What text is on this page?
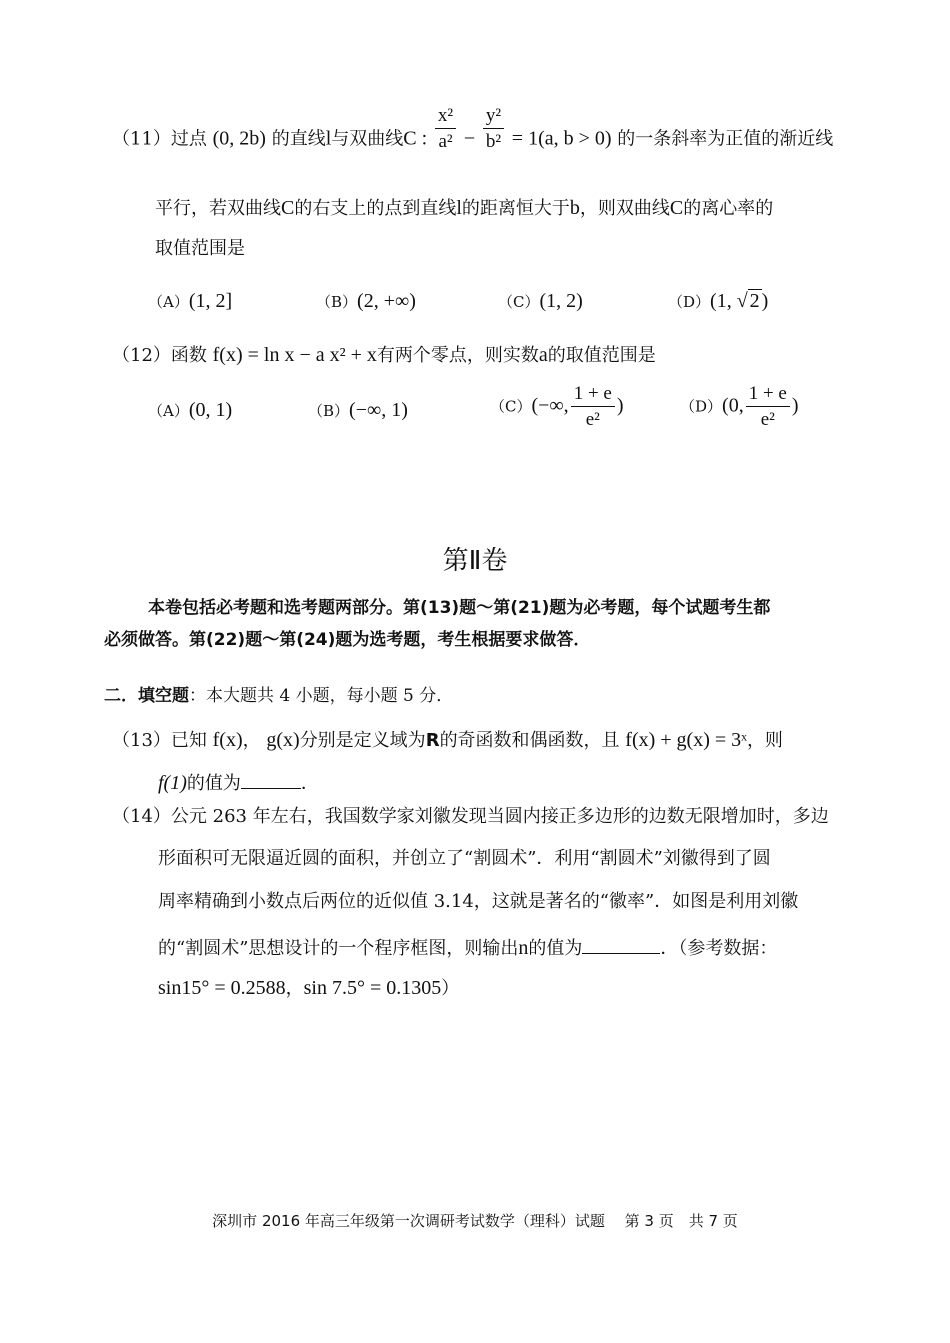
（11）过点 (0, 2b) 的直线l与双曲线C : $\frac{\text{x²}}{\text{a²}} - \frac{\text{y²}}{\text{b²}} = 1(a$, b > 0) 的一条斜率为正值的渐近线
平行，若双曲线C的右支上的点到直线l的距离恒大于b，则双曲线C的离心率的
取值范围是
（A）(1, 2]	（B）(2, +∞)	（C）(1, 2)	（D）(1, √ 2 )
（12）函数 f(x) = ln x − a x² + x有两个零点，则实数a的取值范围是
（A）(0, 1)	（B）(−∞, 1)	（C）(−∞, $\frac{1 + e}{\text{e²}}$ )	（D）(0, $\frac{1 + e}{\text{e²}}$ )
第Ⅱ卷
本卷包括必考题和选考题两部分。第(13)题～第(21)题为必考题，每个试题考生都
必须做答。第(22)题～第(24)题为选考题，考生根据要求做答．
二．填空题：本大题共 4 小题，每小题 5 分．
（13）已知 f(x)， g(x)分别是定义域为R的奇函数和偶函数，且 f(x) + g(x) = 3ˣ，则
f(1)的值为	．
（14）公元 263 年左右，我国数学家刘徽发现当圆内接正多边形的边数无限增加时，多边
形面积可无限逼近圆的面积，并创立了“割圆术”．利用“割圆术”刘徽得到了圆
周率精确到小数点后两位的近似值 3.14，这就是著名的“徽率”．如图是利用刘徽
的“割圆术”思想设计的一个程序框图，则输出n的值为	．（参考数据：
sin15° = 0.2588，sin 7.5° = 0.1305）
深圳市 2016 年高三年级第一次调研考试数学（理科）试题　 第 3 页　共 7 页
